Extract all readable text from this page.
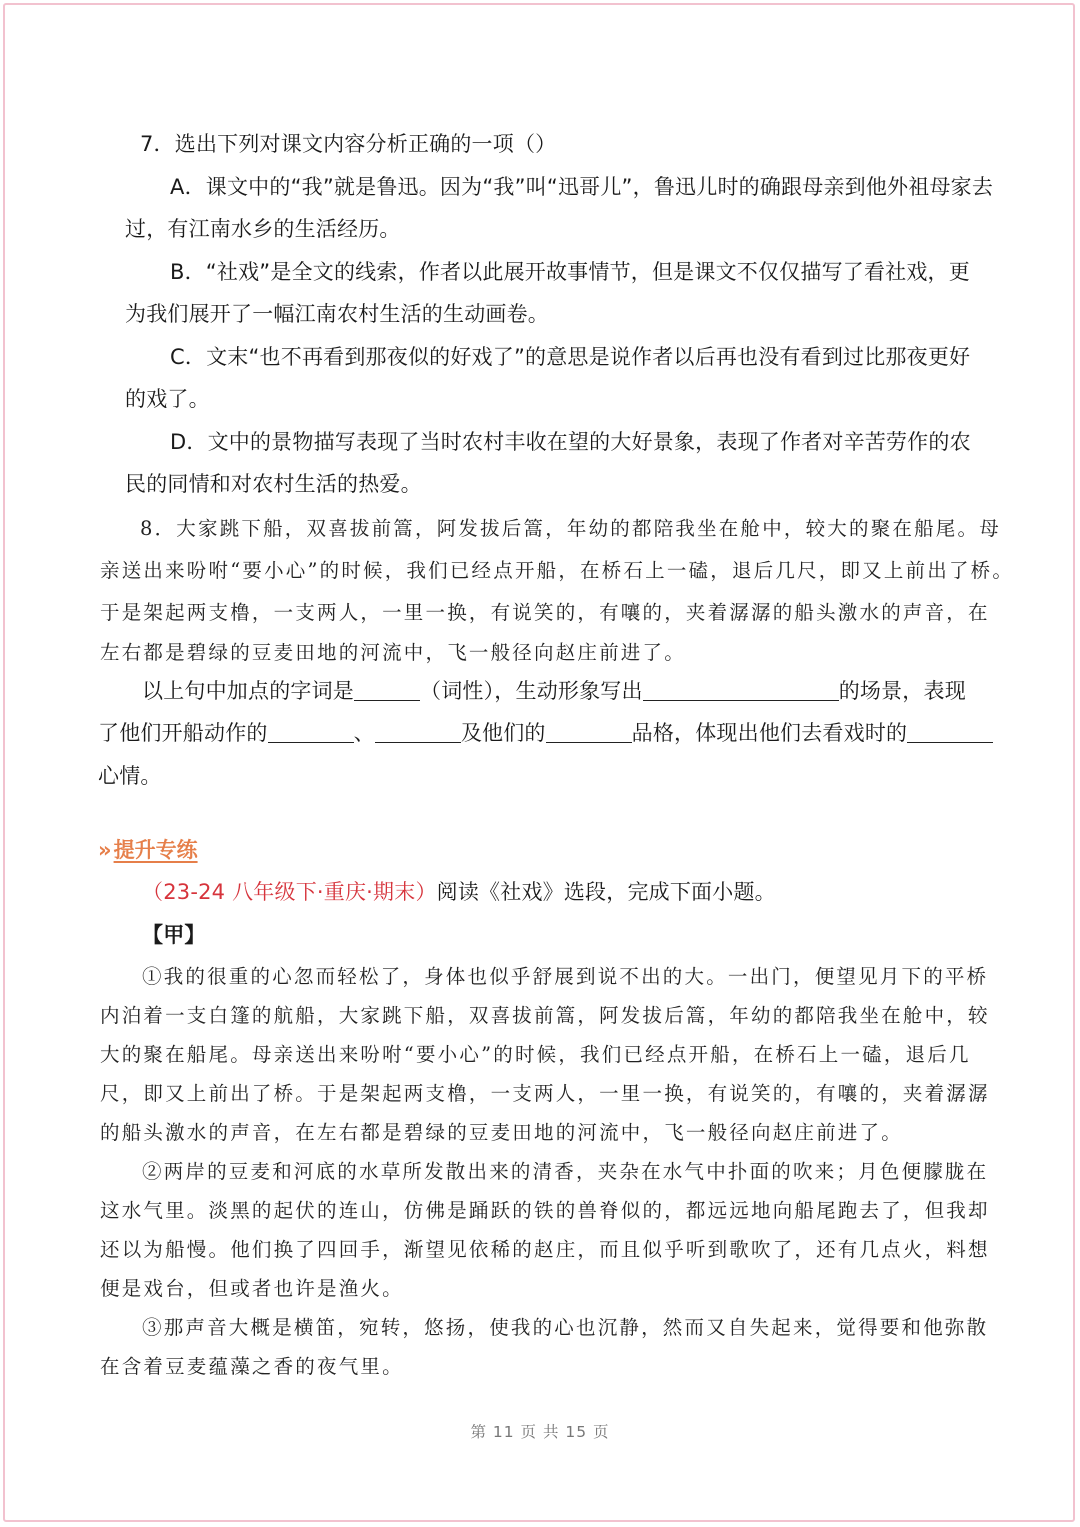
7．选出下列对课文内容分析正确的一项（）

A．课文中的“我”就是鲁迅。因为“我”叫“迅哥儿”，鲁迅儿时的确跟母亲到他外祖母家去

过，有江南水乡的生活经历。

B．“社戏”是全文的线索，作者以此展开故事情节，但是课文不仅仅描写了看社戏，更

为我们展开了一幅江南农村生活的生动画卷。

C．文末“也不再看到那夜似的好戏了”的意思是说作者以后再也没有看到过比那夜更好

的戏了。

D．文中的景物描写表现了当时农村丰收在望的大好景象，表现了作者对辛苦劳作的农

民的同情和对农村生活的热爱。

8．大家跳下船，双喜拔前篙，阿发拔后篙，年幼的都陪我坐在舱中，较大的聚在船尾。母

亲送出来吩咐“要小心”的时候，我们已经点开船，在桥石上一磕，退后几尺，即又上前出了桥。

于是架起两支橹，一支两人，一里一换，有说笑的，有嚷的，夹着潺潺的船头激水的声音，在

左右都是碧绿的豆麦田地的河流中，飞一般径向赵庄前进了。

以上句中加点的字词是	（词性），生动形象写出	的场景，表现

了他们开船动作的	、	及他们的	品格，体现出他们去看戏时的

心情。

» 提升专练

（23-24 八年级下·重庆·期末）阅读《社戏》选段，完成下面小题。

【甲】

①我的很重的心忽而轻松了，身体也似乎舒展到说不出的大。一出门，便望见月下的平桥

内泊着一支白篷的航船，大家跳下船，双喜拔前篙，阿发拔后篙，年幼的都陪我坐在舱中，较

大的聚在船尾。母亲送出来吩咐“要小心”的时候，我们已经点开船，在桥石上一磕，退后几

尺，即又上前出了桥。于是架起两支橹，一支两人，一里一换，有说笑的，有嚷的，夹着潺潺

的船头激水的声音，在左右都是碧绿的豆麦田地的河流中，飞一般径向赵庄前进了。

②两岸的豆麦和河底的水草所发散出来的清香，夹杂在水气中扑面的吹来；月色便朦胧在

这水气里。淡黑的起伏的连山，仿佛是踊跃的铁的兽脊似的，都远远地向船尾跑去了，但我却

还以为船慢。他们换了四回手，渐望见依稀的赵庄，而且似乎听到歌吹了，还有几点火，料想

便是戏台，但或者也许是渔火。

③那声音大概是横笛，宛转，悠扬，使我的心也沉静，然而又自失起来，觉得要和他弥散

在含着豆麦蕴藻之香的夜气里。

第 11 页 共 15 页
